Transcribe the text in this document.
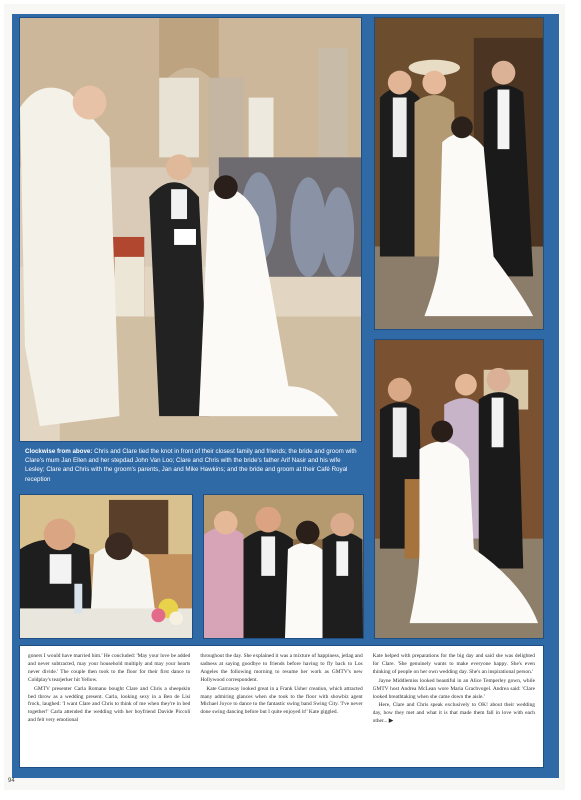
Clockwise from above: Chris and Clare tied the knot in front of their closest family and friends; the bride and groom with Clare's mum Jan Ellen and her stepdad John Van Loo; Clare and Chris with the bride's father Arif Nasir and his wife Lesley; Clare and Chris with the groom's parents, Jan and Mike Hawkins; and the bride and groom at their Café Royal reception

goners I would have married him.' He concluded: 'May your love be added and never subtracted, may your household multiply and may your hearts never divide.' The couple then took to the floor for their first dance to Coldplay's tearjerker hit Yellow.

GMTV presenter Carla Romano bought Clare and Chris a sheepskin bed throw as a wedding present. Carla, looking sexy in a Ben de Lisi frock, laughed: 'I want Clare and Chris to think of me when they're in bed together!' Carla attended the wedding with her boyfriend Davide Piccoli and felt very emotional

throughout the day. She explained it was a mixture of happiness, jetlag and sadness at saying goodbye to friends before having to fly back to Los Angeles the following morning to resume her work as GMTV's new Hollywood correspondent.

Kate Garraway looked great in a Frank Usher creation, which attracted many admiring glances when she took to the floor with showbiz agent Michael Joyce to dance to the fantastic swing band Swing City. 'I've never done swing dancing before but I quite enjoyed it!' Kate giggled.

Kate helped with preparations for the big day and said she was delighted for Clare. 'She genuinely wants to make everyone happy. She's even thinking of people on her own wedding day. She's an inspirational person.'

Jayne Middlemiss looked beautiful in an Alice Temperley gown, while GMTV host Andrea McLean wore Maria Grachvogel. Andrea said: 'Clare looked breathtaking when she came down the aisle.'

Here, Clare and Chris speak exclusively to OK! about their wedding day, how they met and what it is that made them fall in love with each other... ▶

94
